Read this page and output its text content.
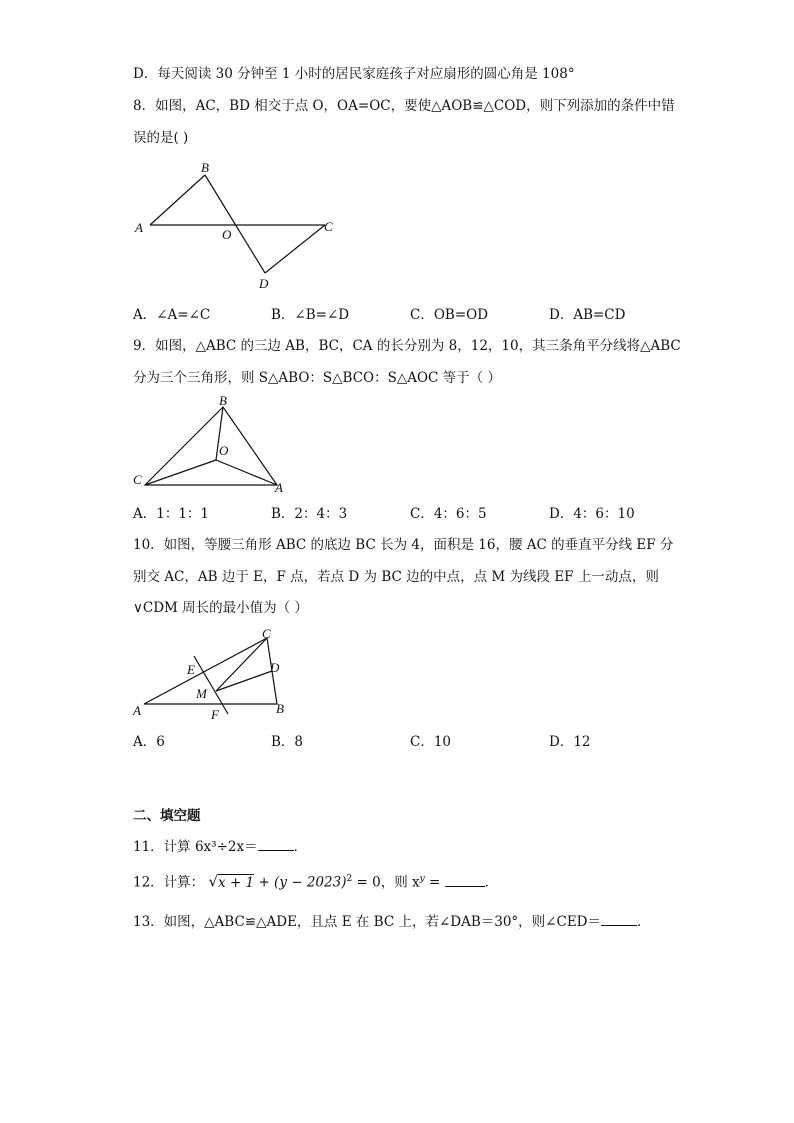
D．每天阅读 30 分钟至 1 小时的居民家庭孩子对应扇形的圆心角是 108°
8．如图，AC，BD 相交于点 O，OA=OC，要使△AOB≌△COD，则下列添加的条件中错
误的是( )
A
B
O
C
D
A．∠A=∠C	B．∠B=∠D	C．OB=OD	D．AB=CD
9．如图，△ABC 的三边 AB，BC，CA 的长分别为 8，12，10，其三条角平分线将△ABC
分为三个三角形，则 S△ABO：S△BCO：S△AOC 等于（ ）
B
O
C
A
A．1：1：1	B．2：4：3	C．4：6：5	D．4：6：10
10．如图，等腰三角形 ABC 的底边 BC 长为 4，面积是 16，腰 AC 的垂直平分线 EF 分
别交 AC，AB 边于 E，F 点，若点 D 为 BC 边的中点，点 M 为线段 EF 上一动点，则
∨CDM 周长的最小值为（ ）
C
E	D
M
A	F	B
A．6	B．8	C．10	D．12
二、填空题
11．计算 6x³÷2x＝	．
12．计算： $√x + 1 + (y - 2023)^2 = 0$，则 $x^y$ =	．
13．如图，△ABC≌△ADE，且点 E 在 BC 上，若∠DAB＝30°，则∠CED＝	．
